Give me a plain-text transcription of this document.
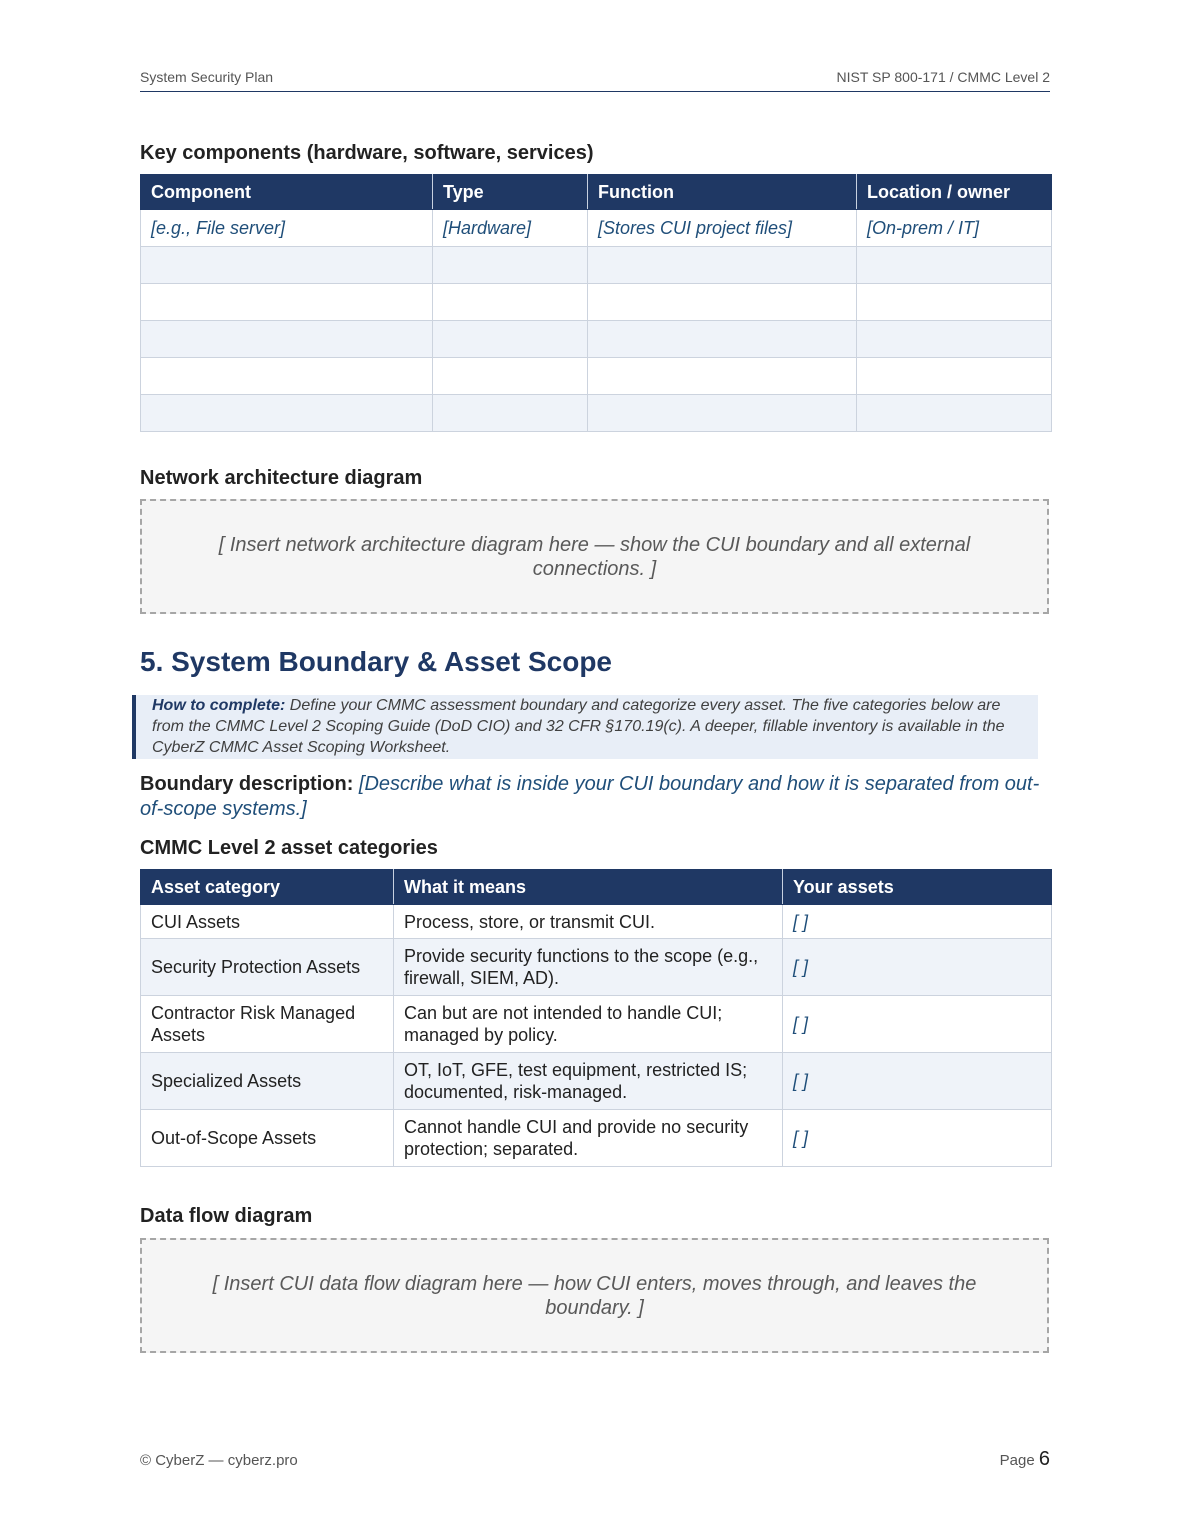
System Security Plan	NIST SP 800-171 / CMMC Level 2
Key components (hardware, software, services)
Component	Type	Function	Location / owner
[e.g., File server]	[Hardware]	[Stores CUI project files]	[On-prem / IT]

Network architecture diagram
[ Insert network architecture diagram here — show the CUI boundary and all external connections. ]
5. System Boundary & Asset Scope
How to complete: Define your CMMC assessment boundary and categorize every asset. The five categories below are from the CMMC Level 2 Scoping Guide (DoD CIO) and 32 CFR §170.19(c). A deeper, fillable inventory is available in the CyberZ CMMC Asset Scoping Worksheet.
Boundary description: [Describe what is inside your CUI boundary and how it is separated from out-of-scope systems.]
CMMC Level 2 asset categories
Asset category	What it means	Your assets
CUI Assets	Process, store, or transmit CUI.	[ ]
Security Protection Assets	Provide security functions to the scope (e.g., firewall, SIEM, AD).	[ ]
Contractor Risk Managed Assets	Can but are not intended to handle CUI; managed by policy.	[ ]
Specialized Assets	OT, IoT, GFE, test equipment, restricted IS; documented, risk-managed.	[ ]
Out-of-Scope Assets	Cannot handle CUI and provide no security protection; separated.	[ ]
Data flow diagram
[ Insert CUI data flow diagram here — how CUI enters, moves through, and leaves the boundary. ]
© CyberZ — cyberz.pro	Page 6
